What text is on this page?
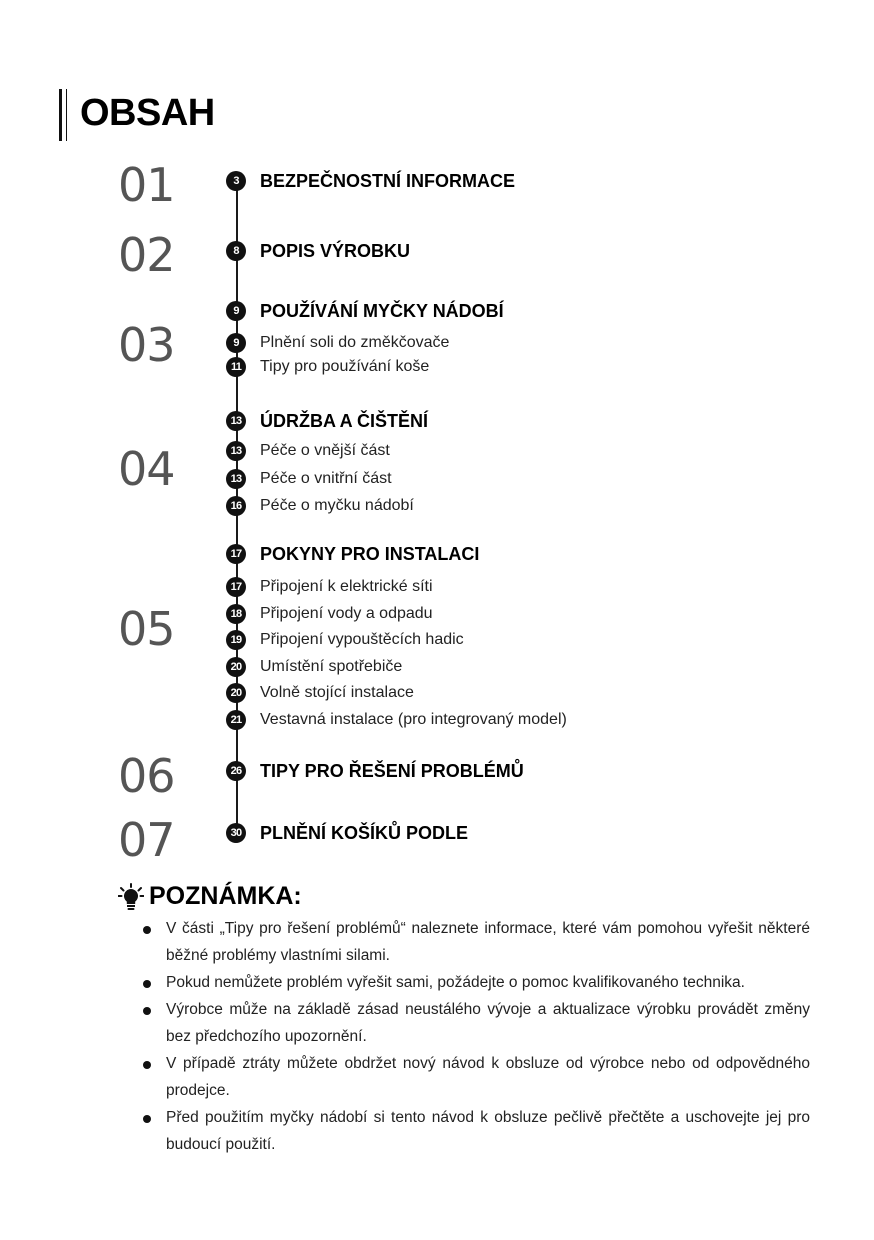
OBSAH
01	3	BEZPEČNOSTNÍ INFORMACE
02	8	POPIS VÝROBKU
03
9	POUŽÍVÁNÍ MYČKY NÁDOBÍ
9	Plnění soli do změkčovače
11	Tipy pro používání koše
04
13 ÚDRŽBA A ČIŠTĚNÍ
13 Péče o vnější část
13 Péče o vnitřní část
16 Péče o myčku nádobí
05
17 POKYNY PRO INSTALACI
17 Připojení k elektrické síti
18 Připojení vody a odpadu
19 Připojení vypouštěcích hadic
20 Umístění spotřebiče
20 Volně stojící instalace
21 Vestavná instalace (pro integrovaný model)
06	26 TIPY PRO ŘEŠENÍ PROBLÉMŮ
07	30 PLNĚNÍ KOŠÍKŮ PODLE
POZNÁMKA:
V části „Tipy pro řešení problémů“ naleznete informace, které vám pomohou vyřešit některé běžné problémy vlastními silami.
Pokud nemůžete problém vyřešit sami, požádejte o pomoc kvalifikovaného technika.
Výrobce může na základě zásad neustálého vývoje a aktualizace výrobku provádět změny bez předchozího upozornění.
V případě ztráty můžete obdržet nový návod k obsluze od výrobce nebo od odpovědného prodejce.
Před použitím myčky nádobí si tento návod k obsluze pečlivě přečtěte a uschovejte jej pro budoucí použití.
